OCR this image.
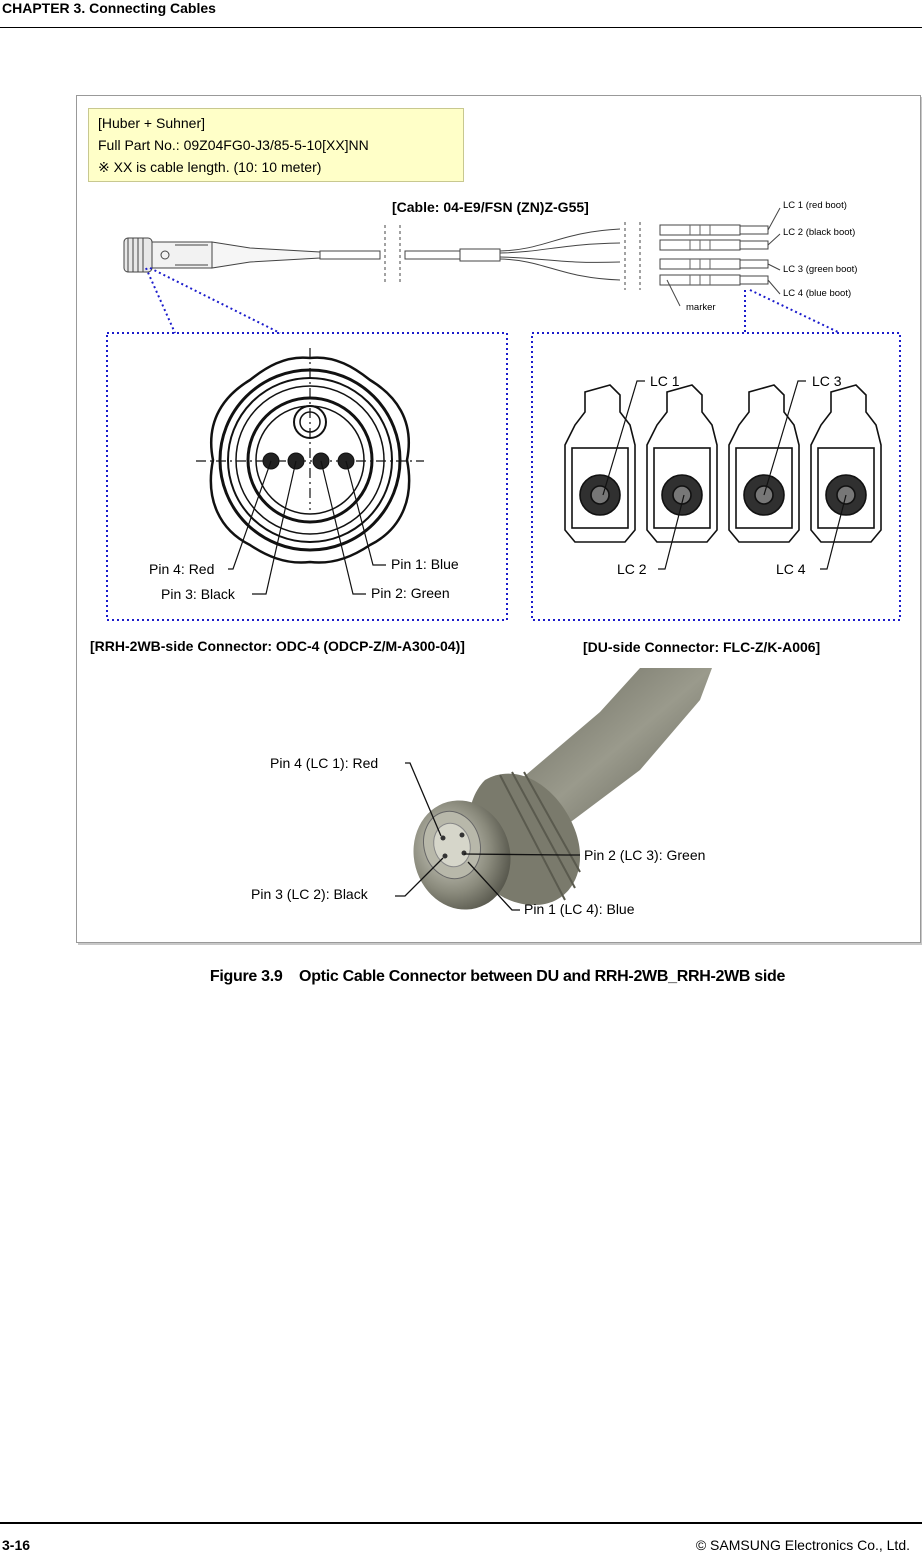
CHAPTER 3. Connecting Cables
[Huber + Suhner]
Full Part No.: 09Z04FG0-J3/85-5-10[XX]NN
※ XX is cable length. (10: 10 meter)
[Cable: 04-E9/FSN (ZN)Z-G55]	LC 1 (red boot)
LC 2 (black boot)
LC 3 (green boot)
LC 4 (blue boot)
marker
Pin 1: Blue
Pin 4: Red
Pin 3: Black	Pin 2: Green
[RRH-2WB-side Connector: ODC-4 (ODCP-Z/M-A300-04)]
LC 1	LC 3
LC 2	LC 4
[DU-side Connector: FLC-Z/K-A006]
Pin 4 (LC 1): Red
Pin 2 (LC 3): Green
Pin 3 (LC 2): Black
Pin 1 (LC 4): Blue
Figure 3.9    Optic Cable Connector between DU and RRH-2WB_RRH-2WB side
3-16	© SAMSUNG Electronics Co., Ltd.
